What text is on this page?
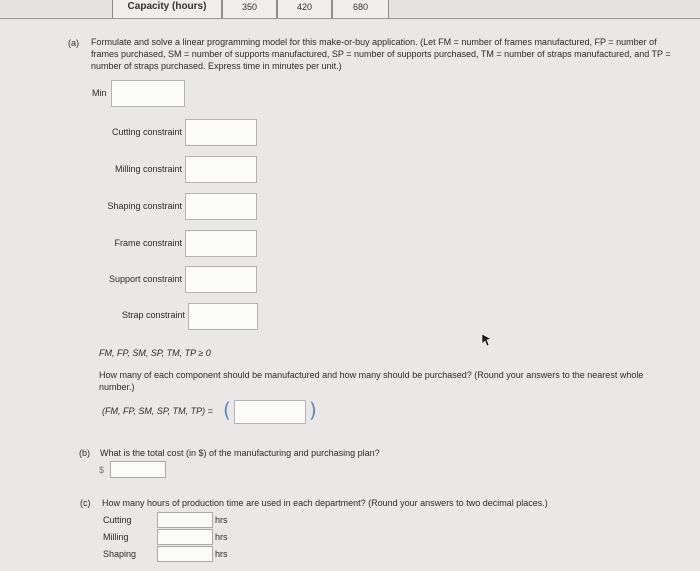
Capacity (hours)	350	420	680
(a) Formulate and solve a linear programming model for this make-or-buy application. (Let FM = number of frames manufactured, FP = number of frames purchased, SM = number of supports manufactured, SP = number of supports purchased, TM = number of straps manufactured, and TP = number of straps purchased. Express time in minutes per unit.)
Min
Cutting constraint
Milling constraint
Shaping constraint
Frame constraint
Support constraint
Strap constraint
FM, FP, SM, SP, TM, TP ≥ 0
How many of each component should be manufactured and how many should be purchased? (Round your answers to the nearest whole number.)
(FM, FP, SM, SP, TM, TP) = (	)
(b) What is the total cost (in $) of the manufacturing and purchasing plan?
$
(c) How many hours of production time are used in each department? (Round your answers to two decimal places.)
Cutting	hrs
Milling	hrs
Shaping	hrs
